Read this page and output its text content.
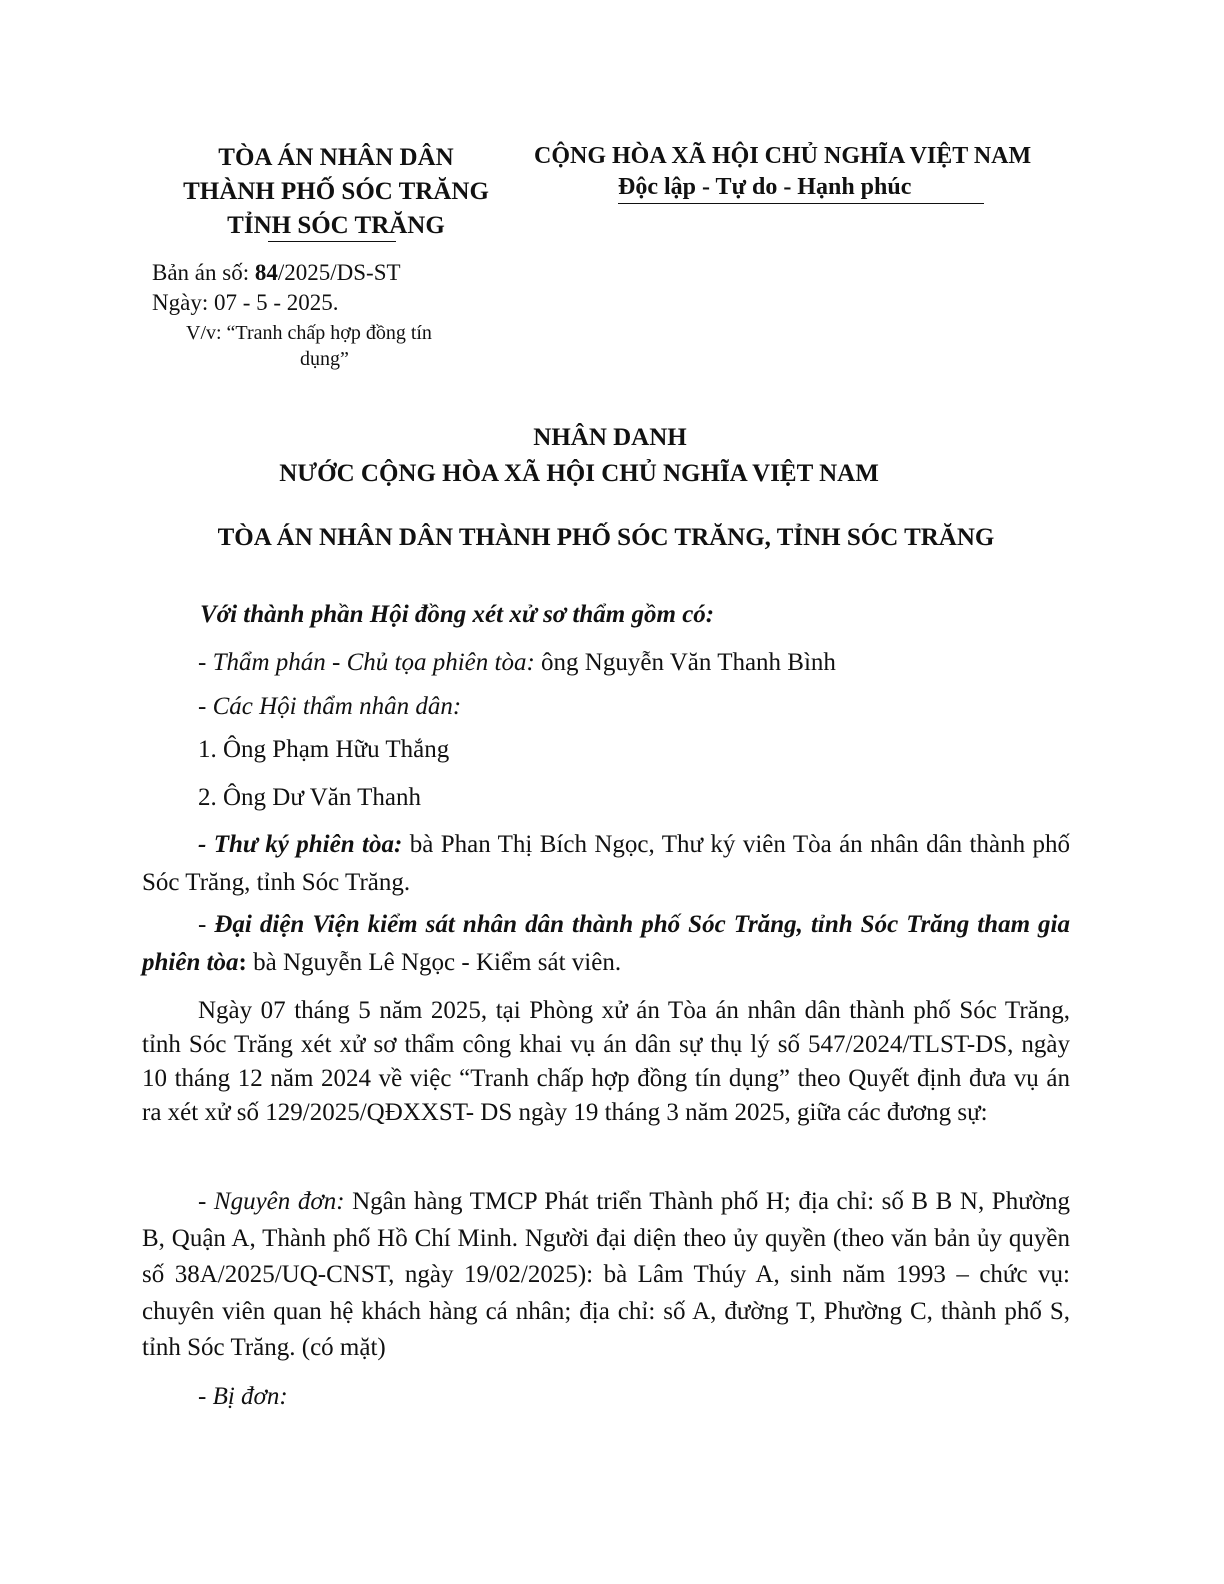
TÒA ÁN NHÂN DÂN
THÀNH PHỐ SÓC TRĂNG
TỈNH SÓC TRĂNG
CỘNG HÒA XÃ HỘI CHỦ NGHĨA VIỆT NAM
Độc lập - Tự do - Hạnh phúc
Bản án số: 84/2025/DS-ST
Ngày: 07 - 5 - 2025.
V/v: “Tranh chấp hợp đồng tín
dụng”
NHÂN DANH
NƯỚC CỘNG HÒA XÃ HỘI CHỦ NGHĨA VIỆT NAM
TÒA ÁN NHÂN DÂN THÀNH PHỐ SÓC TRĂNG, TỈNH SÓC TRĂNG
Với thành phần Hội đồng xét xử sơ thẩm gồm có:
- Thẩm phán - Chủ tọa phiên tòa: ông Nguyễn Văn Thanh Bình
- Các Hội thẩm nhân dân:
1. Ông Phạm Hữu Thắng
2. Ông Dư Văn Thanh
- Thư ký phiên tòa: bà Phan Thị Bích Ngọc, Thư ký viên Tòa án nhân dân thành phố Sóc Trăng, tỉnh Sóc Trăng.
- Đại diện Viện kiểm sát nhân dân thành phố Sóc Trăng, tỉnh Sóc Trăng tham gia phiên tòa: bà Nguyễn Lê Ngọc - Kiểm sát viên.
Ngày 07 tháng 5 năm 2025, tại Phòng xử án Tòa án nhân dân thành phố Sóc Trăng, tỉnh Sóc Trăng xét xử sơ thẩm công khai vụ án dân sự thụ lý số 547/2024/TLST-DS, ngày 10 tháng 12 năm 2024 về việc “Tranh chấp hợp đồng tín dụng” theo Quyết định đưa vụ án ra xét xử số 129/2025/QĐXXST- DS ngày 19 tháng 3 năm 2025, giữa các đương sự:
- Nguyên đơn: Ngân hàng TMCP Phát triển Thành phố H; địa chỉ: số B B N, Phường B, Quận A, Thành phố Hồ Chí Minh. Người đại diện theo ủy quyền (theo văn bản ủy quyền số 38A/2025/UQ-CNST, ngày 19/02/2025): bà Lâm Thúy A, sinh năm 1993 – chức vụ: chuyên viên quan hệ khách hàng cá nhân; địa chỉ: số A, đường T, Phường C, thành phố S, tỉnh Sóc Trăng. (có mặt)
- Bị đơn:
